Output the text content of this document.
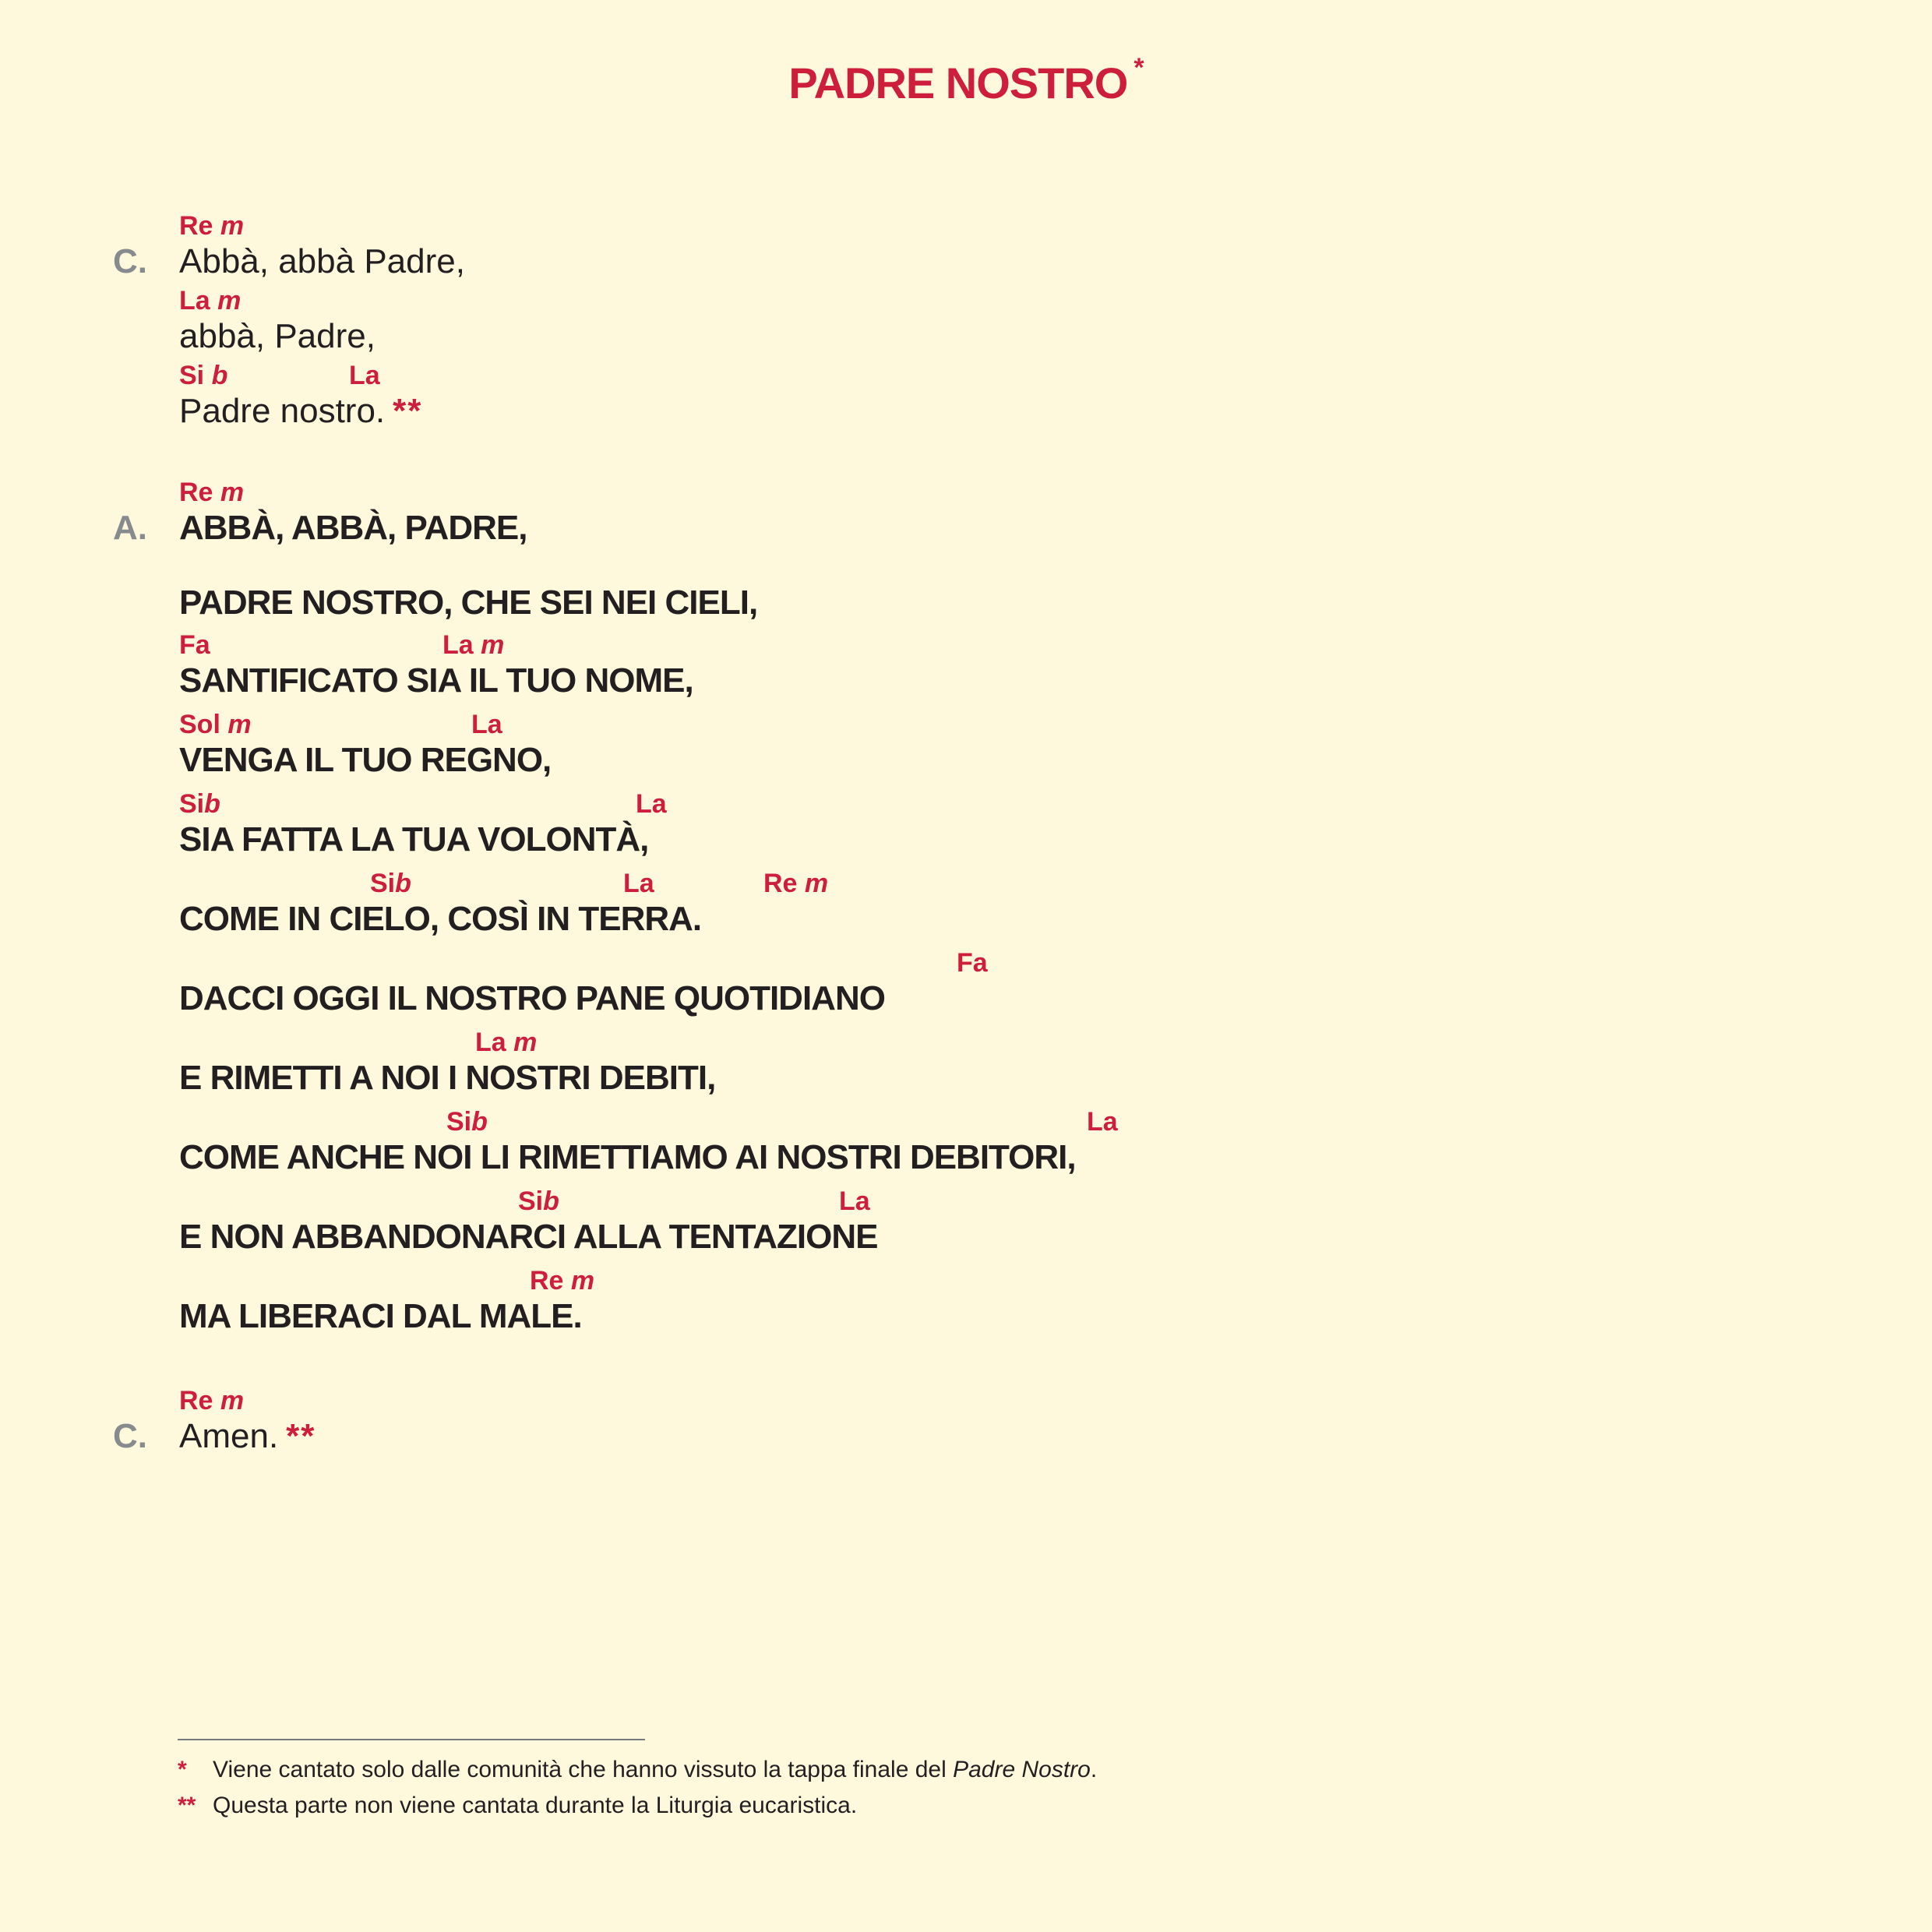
PADRE NOSTRO *
C.
Re m
Abbà, abbà Padre,
La m
abbà, Padre,
Si b	La
Padre nostro. **
A.
Re m
ABBÀ, ABBÀ, PADRE,
PADRE NOSTRO, CHE SEI NEI CIELI,
Fa	La m
SANTIFICATO SIA IL TUO NOME,
Sol m	La
VENGA IL TUO REGNO,
Sib	La
SIA FATTA LA TUA VOLONTÀ,
Sib	La	Re m
COME IN CIELO, COSÌ IN TERRA.
Fa
DACCI OGGI IL NOSTRO PANE QUOTIDIANO
La m
E RIMETTI A NOI I NOSTRI DEBITI,
Sib	La
COME ANCHE NOI LI RIMETTIAMO AI NOSTRI DEBITORI,
Sib	La
E NON ABBANDONARCI ALLA TENTAZIONE
Re m
MA LIBERACI DAL MALE.
C.
Re m
Amen. **
* Viene cantato solo dalle comunità che hanno vissuto la tappa finale del Padre Nostro.
** Questa parte non viene cantata durante la Liturgia eucaristica.
